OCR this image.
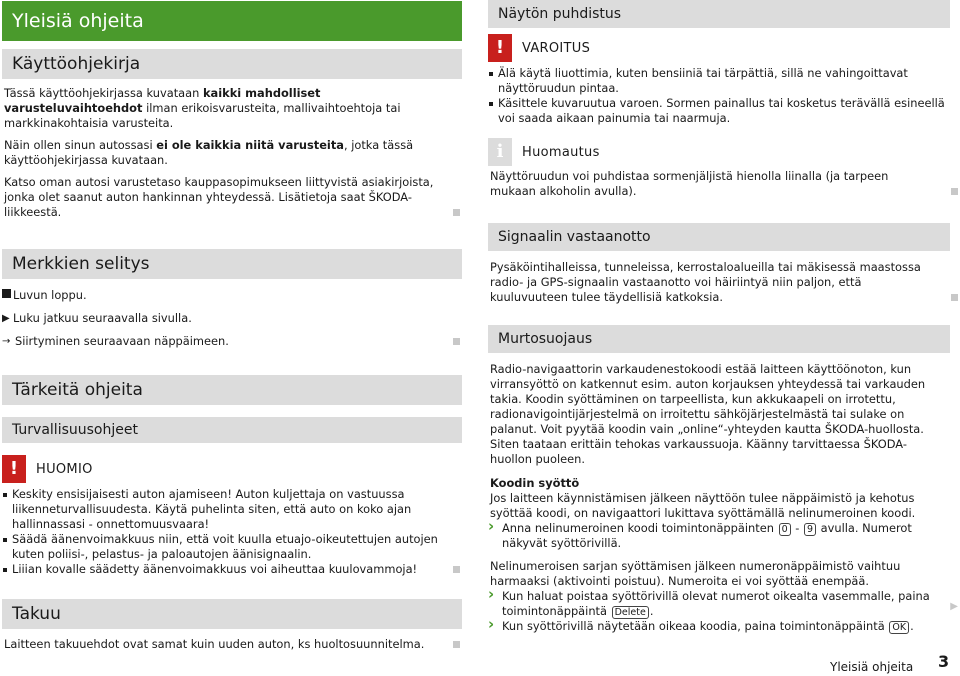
Yleisiä ohjeita
Käyttöohjekirja

Tässä käyttöohjekirjassa kuvataan kaikki mahdolliset varusteluvaihtoehdot ilman erikoisvarusteita, mallivaihtoehtoja tai markkinakohtaisia varusteita.

Näin ollen sinun autossasi ei ole kaikkia niitä varusteita, jotka tässä käyttöohjekirjassa kuvataan.

Katso oman autosi varustetaso kauppasopimukseen liittyvistä asiakirjoista, jonka olet saanut auton hankinnan yhteydessä. Lisätietoja saat ŠKODA-liikkeestä.

Merkkien selitys
Luvun loppu.
▶ Luku jatkuu seuraavalla sivulla.
→ Siirtyminen seuraavaan näppäimeen.
Tärkeitä ohjeita
Turvallisuusohjeet
!	HUOMIO
Keskity ensisijaisesti auton ajamiseen! Auton kuljettaja on vastuussa liikenneturvallisuudesta. Käytä puhelinta siten, että auto on koko ajan hallinnassasi - onnettomuusvaara!
Säädä äänenvoimakkuus niin, että voit kuulla etuajo-oikeutettujen autojen kuten poliisi-, pelastus- ja paloautojen äänisignaalin.
Liiian kovalle säädetty äänenvoimakkuus voi aiheuttaa kuulovammoja!
Takuu

Laitteen takuuehdot ovat samat kuin uuden auton, ks huoltosuunnitelma.

Näytön puhdistus
!	VAROITUS
Älä käytä liuottimia, kuten bensiiniä tai tärpättiä, sillä ne vahingoittavat näyttöruudun pintaa.
Käsittele kuvaruutua varoen. Sormen painallus tai kosketus terävällä esineellä voi saada aikaan painumia tai naarmuja.
i	Huomautus

Näyttöruudun voi puhdistaa sormenjäljistä hienolla liinalla (ja tarpeen mukaan alkoholin avulla).

Signaalin vastaanotto

Pysäköintihalleissa, tunneleissa, kerrostaloalueilla tai mäkisessä maastossa radio- ja GPS-signaalin vastaanotto voi häiriintyä niin paljon, että kuuluvuuteen tulee täydellisiä katkoksia.

Murtosuojaus

Radio-navigaattorin varkaudenestokoodi estää laitteen käyttöönoton, kun virransyöttö on katkennut esim. auton korjauksen yhteydessä tai varkauden takia. Koodin syöttäminen on tarpeellista, kun akkukaapeli on irrotettu, radionavigointijärjestelmä on irroitettu sähköjärjestelmästä tai sulake on palanut. Voit pyytää koodin vain „online“-yhteyden kautta ŠKODA-huollosta. Siten taataan erittäin tehokas varkaussuoja. Käänny tarvittaessa ŠKODA-huollon puoleen.

Koodin syöttö

Jos laitteen käynnistämisen jälkeen näyttöön tulee näppäimistö ja kehotus syöttää koodi, on navigaattori lukittava syöttämällä nelinumeroinen koodi.

› Anna nelinumeroinen koodi toimintonäppäinten 0 - 9 avulla. Numerot näkyvät syöttörivillä.

Nelinumeroisen sarjan syöttämisen jälkeen numeronäppäimistö vaihtuu harmaaksi (aktivointi poistuu). Numeroita ei voi syöttää enempää.

› Kun haluat poistaa syöttörivillä olevat numerot oikealta vasemmalle, paina toimintonäppäintä Delete .
› Kun syöttörivillä näytetään oikeaa koodia, paina toimintonäppäintä OK .
▶
Yleisiä ohjeita 3
